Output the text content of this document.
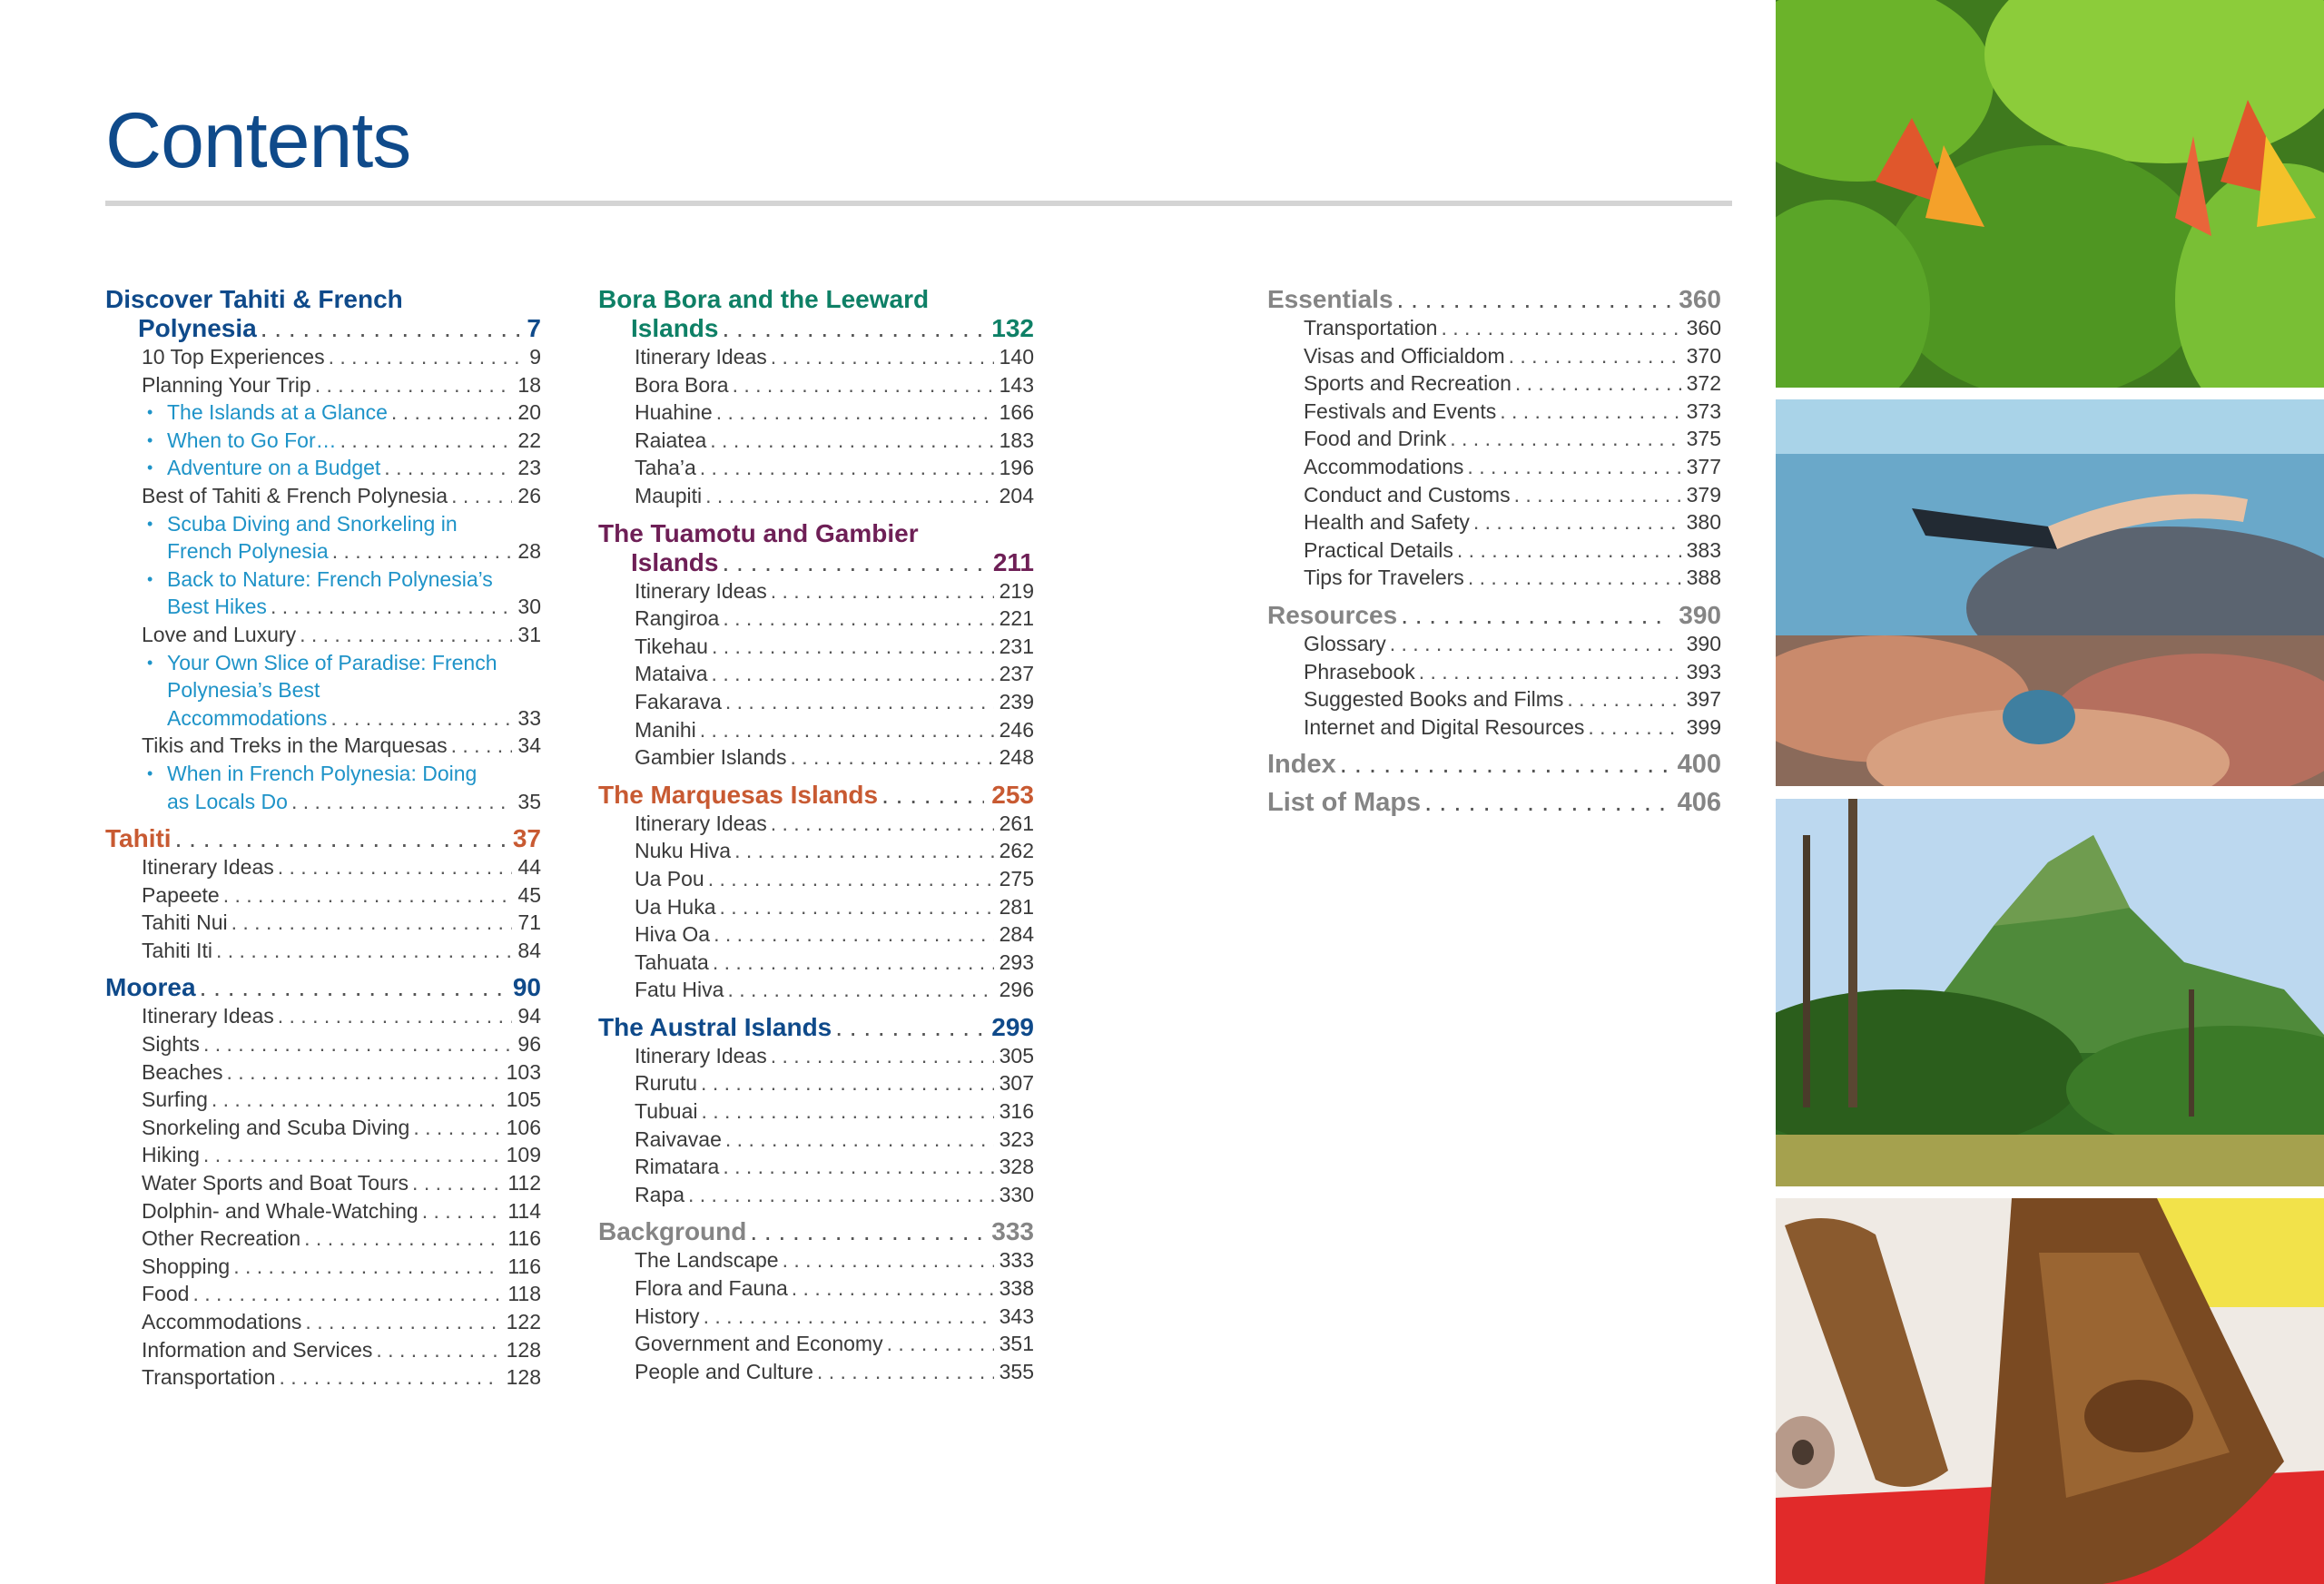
Contents
Discover Tahiti & French
Polynesia . . .	7
10 Top Experiences . . .	9
Planning Your Trip . . .	18
• The Islands at a Glance . . .	20
• When to Go For… . . .	22
• Adventure on a Budget . . .	23
Best of Tahiti & French Polynesia . . .	26
• Scuba Diving and Snorkeling in
French Polynesia . . .	28
• Back to Nature: French Polynesia’s
Best Hikes . . .	30
Love and Luxury . . .	31
• Your Own Slice of Paradise: French
Polynesia’s Best
Accommodations . . .	33
Tikis and Treks in the Marquesas . . .	34
• When in French Polynesia: Doing
as Locals Do . . .	35
Tahiti . . .	37
Itinerary Ideas . . .	44
Papeete . . .	45
Tahiti Nui . . .	71
Tahiti Iti . . .	84
Moorea . . .	90
Itinerary Ideas . . .	94
Sights . . .	96
Beaches . . .	103
Surfing . . .	105
Snorkeling and Scuba Diving . . .	106
Hiking . . .	109
Water Sports and Boat Tours . . .	112
Dolphin- and Whale-Watching . . .	114
Other Recreation . . .	116
Shopping . . .	116
Food . . .	118
Accommodations . . .	122
Information and Services . . .	128
Transportation . . .	128
Bora Bora and the Leeward
Islands . . .	132
Itinerary Ideas . . .	140
Bora Bora . . .	143
Huahine . . .	166
Raiatea . . .	183
Taha’a . . .	196
Maupiti . . .	204
The Tuamotu and Gambier
Islands . . .	211
Itinerary Ideas . . .	219
Rangiroa . . .	221
Tikehau . . .	231
Mataiva . . .	237
Fakarava . . .	239
Manihi . . .	246
Gambier Islands . . .	248
The Marquesas Islands . . .	253
Itinerary Ideas . . .	261
Nuku Hiva . . .	262
Ua Pou . . .	275
Ua Huka . . .	281
Hiva Oa . . .	284
Tahuata . . .	293
Fatu Hiva . . .	296
The Austral Islands . . .	299
Itinerary Ideas . . .	305
Rurutu . . .	307
Tubuai . . .	316
Raivavae . . .	323
Rimatara . . .	328
Rapa . . .	330
Background . . .	333
The Landscape . . .	333
Flora and Fauna . . .	338
History . . .	343
Government and Economy . . .	351
People and Culture . . .	355
Essentials . . .	360
Transportation . . .	360
Visas and Officialdom . . .	370
Sports and Recreation . . .	372
Festivals and Events . . .	373
Food and Drink . . .	375
Accommodations . . .	377
Conduct and Customs . . .	379
Health and Safety . . .	380
Practical Details . . .	383
Tips for Travelers . . .	388
Resources . . .	390
Glossary . . .	390
Phrasebook . . .	393
Suggested Books and Films . . .	397
Internet and Digital Resources . . .	399
Index . . .	400
List of Maps . . .	406
